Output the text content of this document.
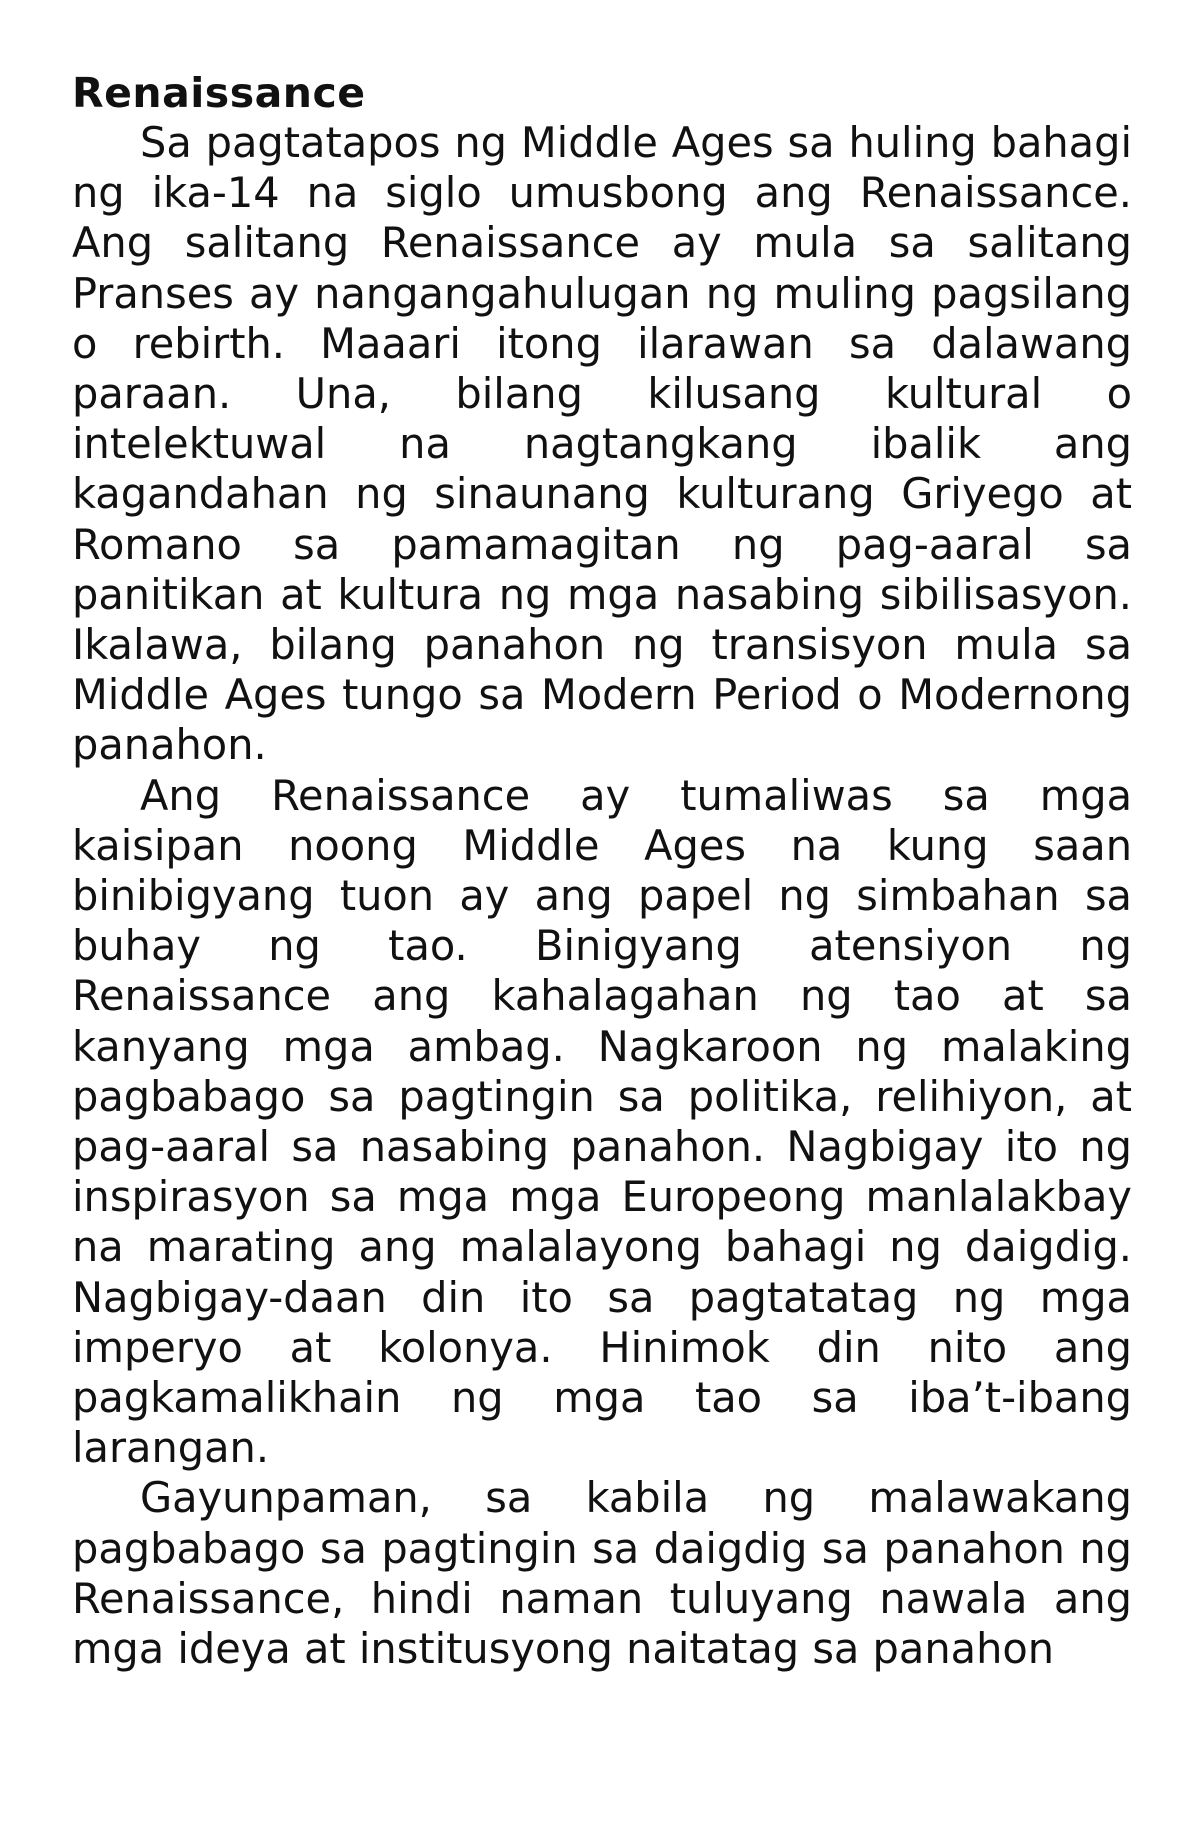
Renaissance

Sa pagtatapos ng Middle Ages sa huling bahagi ng ika-14 na siglo umusbong ang Renaissance. Ang salitang Renaissance ay mula sa salitang Pranses ay nangangahulugan ng muling pagsilang o rebirth. Maaari itong ilarawan sa dalawang paraan. Una, bilang kilusang kultural o intelektuwal na nagtangkang ibalik ang kagandahan ng sinaunang kulturang Griyego at Romano sa pamamagitan ng pag-aaral sa panitikan at kultura ng mga nasabing sibilisasyon. Ikalawa, bilang panahon ng transisyon mula sa Middle Ages tungo sa Modern Period o Modernong panahon.

Ang Renaissance ay tumaliwas sa mga kaisipan noong Middle Ages na kung saan binibigyang tuon ay ang papel ng simbahan sa buhay ng tao. Binigyang atensiyon ng Renaissance ang kahalagahan ng tao at sa kanyang mga ambag. Nagkaroon ng malaking pagbabago sa pagtingin sa politika, relihiyon, at pag-aaral sa nasabing panahon. Nagbigay ito ng inspirasyon sa mga mga Europeong manlalakbay na marating ang malalayong bahagi ng daigdig. Nagbigay-daan din ito sa pagtatatag ng mga imperyo at kolonya. Hinimok din nito ang pagkamalikhain ng mga tao sa iba’t-ibang larangan.

Gayunpaman, sa kabila ng malawakang pagbabago sa pagtingin sa daigdig sa panahon ng Renaissance, hindi naman tuluyang nawala ang mga ideya at institusyong naitatag sa panahon
